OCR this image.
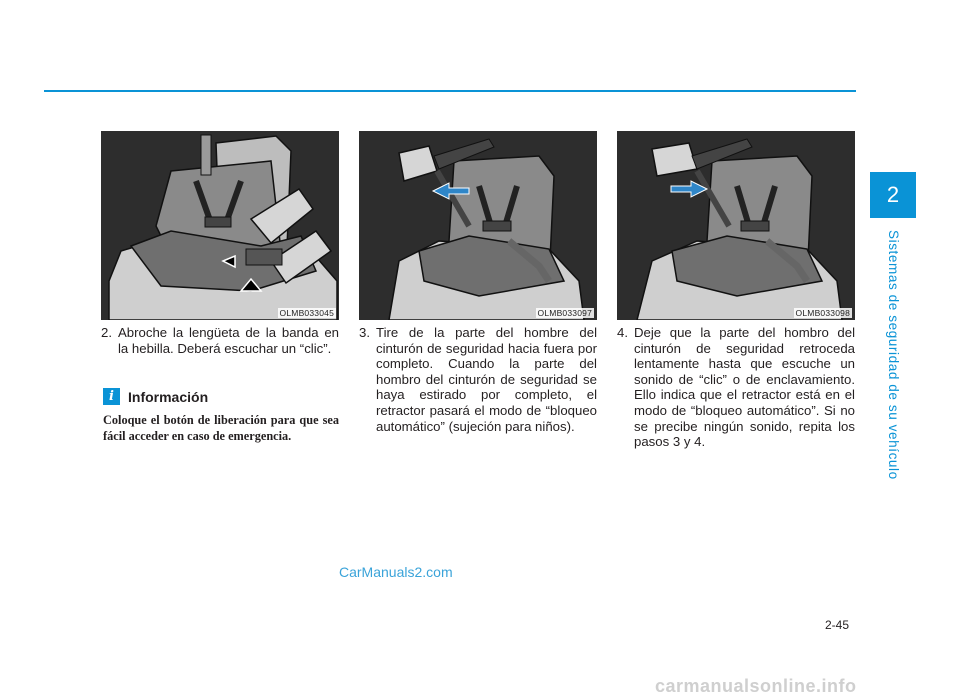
2
Sistemas de seguridad de su vehículo
OLMB033045	OLMB033097	OLMB033098
2. Abroche la lengüeta de la banda en la hebilla. Deberá escuchar un “clic”.
i	Información
Coloque el botón de liberación para que sea fácil acceder en caso de emergencia.
3. Tire de la parte del hombre del cinturón de seguridad hacia fuera por completo. Cuando la parte del hombro del cinturón de seguridad se haya estirado por completo, el retractor pasará el modo de “bloqueo automático” (sujeción para niños).
4. Deje que la parte del hombro del cinturón de seguridad retroceda lentamente hasta que escuche un sonido de “clic” o de enclavamiento. Ello indica que el retractor está en el modo de “bloqueo automático”. Si no se precibe ningún sonido, repita los pasos 3 y 4.
2-45
CarManuals2.com
carmanualsonline.info
